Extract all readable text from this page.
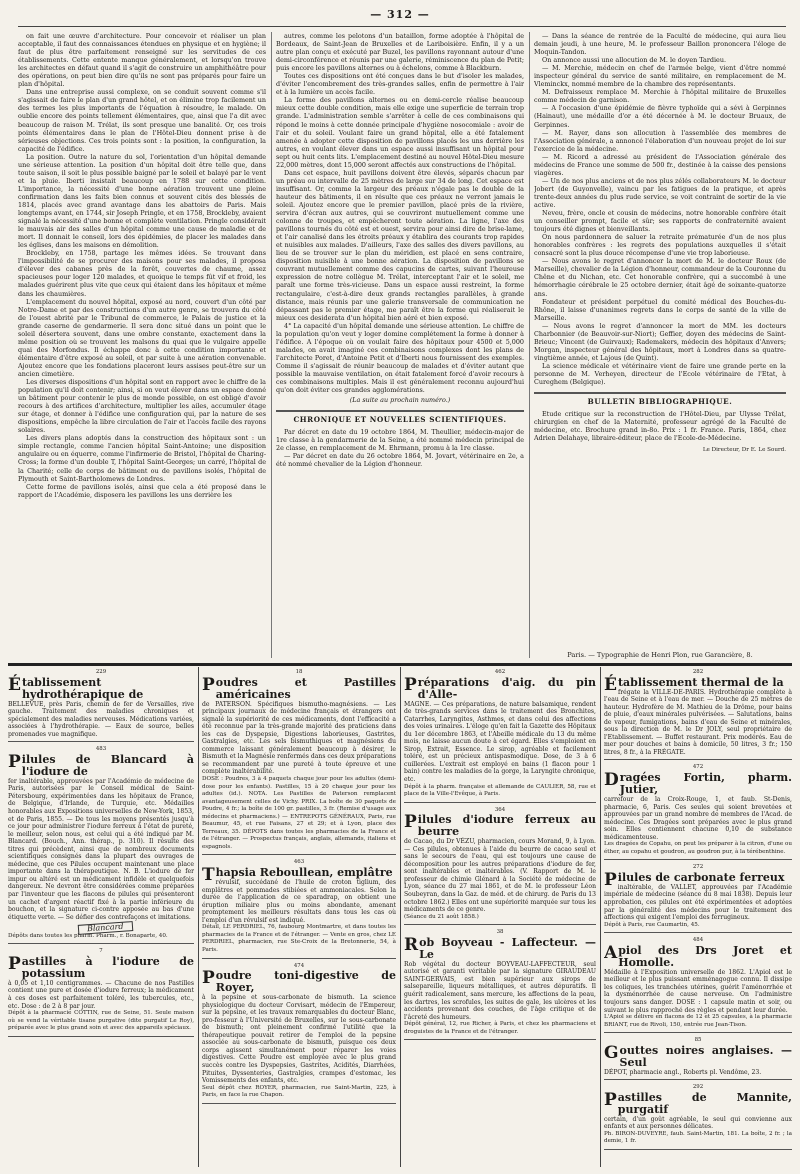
— 312 —

on fait une œuvre d'architecture. Pour concevoir et réaliser un plan acceptable, il faut des connaissances étendues en physique et en hygiène; il faut de plus être parfaitement renseigné sur les servitudes de ces établissements. Cette entente manque généralement, et lorsqu'on trouve les architectes en défaut quand il s'agit de construire un amphithéâtre pour des opérations, on peut bien dire qu'ils ne sont pas préparés pour faire un plan d'hôpital.

Dans une entreprise aussi complexe, on se conduit souvent comme s'il s'agissait de faire le plan d'un grand hôtel, et on élimine trop facilement un des termes les plus importants de l'équation à résoudre, le malade. On oublie encore des points tellement élémentaires, que, ainsi que l'a dit avec beaucoup de raison M. Trélat, ils sont presque une banalité. Or, ces trois points élémentaires dans le plan de l'Hôtel-Dieu donnent prise à de sérieuses objections. Ces trois points sont : la position, la configuration, la capacité de l'édifice.

La position. Outre la nature du sol, l'orientation d'un hôpital demande une sérieuse attention. La position d'un hôpital doit être telle que, dans toute saison, il soit le plus possible baigné par le soleil et balayé par le vent et la pluie. Iberti insistait beaucoup en 1788 sur cette condition. L'importance, la nécessité d'une bonne aération trouvent une pleine confirmation dans les faits bien connus et souvent cités des blessés de 1814, placés avec grand avantage dans les abattoirs de Paris. Mais longtemps avant, en 1744, sir Joseph Pringle, et en 1758, Brockleby, avaient signalé la nécessité d'une bonne et complète ventilation. Pringle considérait le mauvais air des salles d'un hôpital comme une cause de maladie et de mort. Il donnait le conseil, lors des épidémies, de placer les malades dans les églises, dans les maisons en démolition.

Brockleby, en 1758, partage les mêmes idées. Se trouvant dans l'impossibilité de se procurer des maisons pour ses malades, il proposa d'élever des cabanes près de la forêt, couvertes de chaume, assez spacieuses pour loger 120 malades, et quoique le temps fût vif et froid, les malades guérirent plus vite que ceux qui étaient dans les hôpitaux et même dans les chaumières.

L'emplacement du nouvel hôpital, exposé au nord, couvert d'un côté par Notre-Dame et par des constructions d'un autre genre, se trouvera du côté de l'ouest abrité par le Tribunal de commerce, le Palais de justice et la grande caserne de gendarmerie. Il sera donc situé dans un point que le soleil désertera souvent, dans une ombre constante, exactement dans la même position où se trouvent les malsons du quai que le vulgaire appelle quai des Morfondus. Il échappe donc à cette condition importante et élémentaire d'être exposé au soleil, et par suite à une aération convenable. Ajoutez encore que les fondations placeront leurs assises peut-être sur un ancien cimetière.

Les diverses dispositions d'un hôpital sont en rapport avec le chiffre de la population qu'il doit contenir; ainsi, si on veut élever dans un espace donné un bâtiment pour contenir le plus de monde possible, on est obligé d'avoir recours à des artifices d'architecture, multiplier les ailes, accumuler étage sur étage, et donner à l'édifice une configuration qui, par la nature de ses dispositions, empêche la libre circulation de l'air et l'accès facile des rayons solaires.

Les divers plans adoptés dans la construction des hôpitaux sont : un simple rectangle, comme l'ancien hôpital Saint-Antoine; une disposition angulaire ou en équerre, comme l'infirmerie de Bristol, l'hôpital de Charing-Cross; la forme d'un double T, l'hôpital Saint-Georges; un carré, l'hôpital de la Charité; celle de corps de bâtiment ou de pavillons isolés, l'hôpital de Plymouth et Saint-Bartholomews de Londres.

Cette forme de pavillons isolés, ainsi que cela a été proposé dans le rapport de l'Académie, disposera les pavillons les uns derrière les

autres, comme les pelotons d'un bataillon, forme adoptée à l'hôpital de Bordeaux, de Saint-Jean de Bruxelles et de Lariboisière. Enfin, il y a un autre plan conçu et exécuté par Buzel, les pavillons rayonnant autour d'une demi-circonférence et réunis par une galerie, réminiscence du plan de Petit; puis encore les pavillons alternes ou à échelons, comme à Blackburn.

Toutes ces dispositions ont été conçues dans le but d'isoler les malades, d'éviter l'encombrement des très-grandes salles, enfin de permettre à l'air et à la lumière un accès facile.

La forme des pavillons alternes ou en demi-cercle réalise beaucoup mieux cette double condition, mais elle exige une superficie de terrain trop grande. L'administration semble s'arrêter à celle de ces combinaisons qui répond le moins à cette donnée principale d'hygiène nosocomiale : avoir de l'air et du soleil. Voulant faire un grand hôpital, elle a été fatalement amenée à adopter cette disposition de pavillons placés les uns derrière les autres, en voulant élever dans un espace aussi insuffisant un hôpital pour sept ou huit cents lits. L'emplacement destiné au nouvel Hôtel-Dieu mesure 22,000 mètres, dont 15,000 seront affectés aux constructions de l'hôpital.

Dans cet espace, huit pavillons doivent être élevés, séparés chacun par un préau ou intervalle de 25 mètres de large sur 34 de long. Cet espace est insuffisant. Or, comme la largeur des préaux n'égale pas le double de la hauteur des bâtiments, il en résulte que ces préaux ne verront jamais le soleil. Ajoutez encore que le premier pavillon, placé près de la rivière, servira d'écran aux autres, qui se couvriront mutuellement comme une colonne de troupes, et empêcheront toute aération. La ligne, l'axe des pavillons tournés du côté est et ouest, servira pour ainsi dire de brise-lame, et l'air canalisé dans les étroits préaux y établira des courants trop rapides et nuisibles aux malades. D'ailleurs, l'axe des salles des divers pavillons, au lieu de se trouver sur le plan du méridien, est placé en sens contraire, disposition nuisible à une bonne aération. La disposition de pavillons se couvrant mutuellement comme des capucins de cartes, suivant l'heureuse expression de notre collègue M. Trélat, interceptant l'air et le soleil, me paraît une forme très-vicieuse. Dans un espace aussi restreint, la forme rectangulaire, c'est-à-dire deux grands rectangles parallèles, à grande distance, mais réunis par une galerie transversale de communication ne dépassant pas le premier étage, me paraît être la forme qui réaliserait le mieux ces desiderata d'un hôpital bien aéré et bien exposé.

4° La capacité d'un hôpital demande une sérieuse attention. Le chiffre de la population qu'on veut y loger domine complétement la forme à donner à l'édifice. A l'époque où on voulait faire des hôpitaux pour 4500 et 5,000 malades, on avait imaginé ces combinaisons complexes dont les plans de l'architecte Poret, d'Antoine Petit et d'Iberti nous fournissent des exemples. Comme il s'agissait de réunir beaucoup de malades et d'éviter autant que possible la mauvaise ventilation, on était fatalement forcé d'avoir recours à ces combinaisons multiples. Mais il est généralement reconnu aujourd'hui qu'on doit éviter ces grandes agglomérations.

(La suite au prochain numéro.)
CHRONIQUE ET NOUVELLES SCIENTIFIQUES.

Par décret en date du 19 octobre 1864, M. Theullier, médecin-major de 1re classe à la gendarmerie de la Seine, a été nommé médecin principal de 2e classe, en remplacement de M. Ehrmann, promu à la 1re classe.

— Par décret en date du 26 octobre 1864, M. Jovart, vétérinaire en 2e, a été nommé chevalier de la Légion d'honneur.

— Dans la séance de rentrée de la Faculté de médecine, qui aura lieu demain jeudi, à une heure, M. le professeur Baillon prononcera l'éloge de Moquin-Tandon.

On annonce aussi une allocution de M. le doyen Tardieu.

— M. Merchie, médecin en chef de l'armée belge, vient d'être nommé inspecteur général du service de santé militaire, en remplacement de M. Vleminckx, nommé membre de la chambre des représentants.

M. Defraisseux remplace M. Merchie à l'hôpital militaire de Bruxelles comme médecin de garnison.

— A l'occasion d'une épidémie de fièvre typhoïde qui a sévi à Gerpinnes (Hainaut), une médaille d'or a été décernée à M. le docteur Bruaux, de Gerpinnes.

— M. Rayer, dans son allocution à l'assemblée des membres de l'Association générale, a annoncé l'élaboration d'un nouveau projet de loi sur l'exercice de la médecine.

— M. Ricord a adressé au président de l'Association générale des médecins de France une somme de 500 fr., destinée à la caisse des pensions viagères.

— Un de nos plus anciens et de nos plus zélés collaborateurs M. le docteur Jobert (de Guyonvelle), vaincu par les fatigues de la pratique, et après trente-deux années du plus rude service, se voit contraint de sortir de la vie active.

Neveu, frère, oncle et cousin de médecins, notre honorable confrère était un conseiller prompt, facile et sûr; ses rapports de confraternité avaient toujours été dignes et bienveillants.

On nous pardonnera de saluer la retraite prématurée d'un de nos plus honorables confrères : les regrets des populations auxquelles il s'était consacré sont la plus douce récompense d'une vie trop laborieuse.

— Nous avons le regret d'annoncer la mort de M. le docteur Roux (de Marseille), chevalier de la Légion d'honneur, commandeur de la Couronne du Chêne et du Nichan, etc. Cet honorable confrère, qui a succombé à une hémorrhagie cérébrale le 25 octobre dernier, était âgé de soixante-quatorze ans.

Fondateur et président perpétuel du comité médical des Bouches-du-Rhône, il laisse d'unanimes regrets dans le corps de santé de la ville de Marseille.

— Nous avons le regret d'annoncer la mort de MM. les docteurs Charbonnier (de Beauvoir-sur-Niort); Geffier, doyen des médecins de Saint-Brieuc; Vincent (de Guirvaux); Rademakers, médecin des hôpitaux d'Anvers; Morgan, inspecteur général des hôpitaux, mort à Londres dans sa quatre-vingtième année, et Lajous (de Quint).

La science médicale et vétérinaire vient de faire une grande perte en la personne de M. Verheyen, directeur de l'Ecole vétérinaire de l'Etat, à Cureghem (Belgique).

BULLETIN BIBLIOGRAPHIQUE.

Etude critique sur la reconstruction de l'Hôtel-Dieu, par Ulysse Trélat, chirurgien en chef de la Maternité, professeur agrégé de la Faculté de médecine, etc. Brochure grand in-8o. Prix : 1 fr. France. Paris, 1864, chez Adrien Delahaye, libraire-éditeur, place de l'Ecole-de-Médecine.

Le Directeur, Dr E. Le Sourd.
Paris. — Typographie de Henri Plon, rue Garancière, 8.
229
Établissement hydrothérapique de
BELLEVUE, près Paris, chemin de fer de Versailles, rive gauche. Traitement des maladies chroniques et spécialement des maladies nerveuses. Médications variées, associées à l'hydrothérapie. — Eaux de source, belles promenades vue magnifique.
483
Pilules de Blancard à l'iodure de
fer inaltérable, approuvées par l'Académie de médecine de Paris, autorisées par le Conseil médical de Saint-Pétersbourg, expérimentées dans les hôpitaux de France, de Belgique, d'Irlande, de Turquie, etc. Médailles honorables aux Expositions universelles de New-York, 1853, et de Paris, 1855. — De tous les moyens présentés jusqu'à ce jour pour administrer l'iodure ferreux à l'état de pureté, le meilleur, selon nous, est celui qui a été indiqué par M. Blancard. (Bouch., Ann. thérap., p. 310). Il résulte des titres qui précèdent, ainsi que de nombreux documents scientifiques consignés dans la plupart des ouvrages de médecine, que ces Pilules occupent maintenant une place importante dans la thérapeutique. N. B. L'iodure de fer impur ou altéré est un médicament infidèle et quelquefois dangereux. Ne devront être considérées comme préparées par l'inventeur que les flacons de pilules qui présenteront un cachet d'argent réactif fixé à la partie inférieure du bouchon, et la signature ci-contre apposée au bas d'une étiquette verte. — Se défier des contrefaçons et imitations.
Blancard
Dépôts dans toutes les pharm. Pharm., r. Bonaparte, 40.
7
Pastilles à l'iodure de potassium
à 0,05 et 1,10 centigrammes. — Chacune de nos Pastilles contient une pure et dosée d'iodure ferreux; la médicament à ces doses est parfaitement toléré, les tubercules, etc., etc. Dose : de 2 à 8 par jour.
Dépôt à la pharmacie COTTIN, rue de Seine, 51. Seule maison où se vend la véritable tisane purgative (dite purgatif Le Roy), préparée avec le plus grand soin et avec des appareils spéciaux.
18
Poudres et Pastilles américaines
de PATERSON. Spécifiques bismutho-magnésiens. — Les principaux journaux de médecine français et étrangers ont signalé la supériorité de ces médicaments, dont l'efficacité a été reconnue par la très-grande majorité des praticiens dans les cas de Dyspepsie, Digestions laborieuses, Gastrites, Gastralgies, etc. Les sels bismuthiques et magnésiens du commerce laissant généralement beaucoup à désirer, le Bismuth et la Magnésie renfermés dans ces deux préparations se recommandent par une pureté à toute épreuve et une complète inaltérabilité.
DOSE : Poudres, 3 à 4 paquets chaque jour pour les adultes (demi-dose pour les enfants). Pastilles, 15 à 20 chaque jour pour les adultes (id.). NOTA. Les Pastilles de Paterson remplacent avantageusement celles de Vichy. PRIX. La boîte de 30 paquets de Poudre, 4 fr.; la boîte de 100 gr. pastilles, 3 fr. (Remise d'usage aux médecins et pharmaciens.) — ENTREPOTS GÉNÉRAUX, Paris, rue Beaumur, 45, et rue Faisans, 27 et 29; et à Lyon, place des Terreaux, 35. DÉPOTS dans toutes les pharmacies de la France et de l'étranger. — Prospectus français, anglais, allemands, italiens et espagnols.
463
Thapsia Reboullean, emplâtre
révulsif, succédané de l'huile de croton tiglium, des emplâtres et pommades stibiées et ammoniacales. Selon la durée de l'application de ce sparadrap, on obtient une éruption miliaire plus ou moins abondante, amenant promptement les meilleurs résultats dans tous les cas où l'emploi d'un révulsif est indiqué.
Détail, LE PERDRIEL, 76, faubourg Montmartre, et dans toutes les pharmacies de la France et de l'étranger. — Vente en gros, chez LE PERDRIEL, pharmacien, rue Ste-Croix de la Bretonnerie, 54, à Paris.
474
Poudre toni-digestive de Royer,
à la pepsine et sous-carbonate de bismuth. La science physiologique du docteur Corvisart, médecin de l'Empereur, sur la pepsine, et les travaux remarquables du docteur Blanc, pro-fesseur à l'Université de Bruxelles, sur le sous-carbonate de bismuth; ont pleinement confirmé l'utilité que la thérapeutique pouvait retirer de l'emploi de la pepsine associée au sous-carbonate de bismuth, puisque ces deux corps agissent simultanément pour réparer les voies digestives. Cette Poudre est employée avec le plus grand succès contre les Dyspepsies, Gastrites, Acidités, Diarrhées, Pituites, Dyssenteries, Gastralgies, crampes d'estomac, les Vomissements des enfants, etc.
Seul dépôt chez ROYER, pharmacien, rue Saint-Martin, 225, à Paris, en face la rue Chapon.
462
Préparations d'aig. du pin d'Alle-
MAGNE. — Ces préparations, de nature balsamique, rendent de très-grands services dans le traitement des Bronchites, Catarrhes, Laryngites, Asthmes, et dans celui des affections des voies urinaires. L'éloge qu'en fait la Gazette des Hôpitaux du 1er décembre 1863, et l'Abeille médicale du 13 du même mois, ne laisse aucun doute à cet égard. Elles s'emploient en Sirop, Extrait, Essence. Le sirop, agréable et facilement toléré, est un précieux antispasmodique. Dose, de 3 à 6 cuillerées. L'extrait est employé en bains (1 flacon pour 1 bain) contre les maladies de la gorge, la Laryngite chronique, etc.
Dépôt à la pharm. française et allemande de CAULIER, 58, rue et place de la Ville-l'Evêque, à Paris.
364
Pilules d'iodure ferreux au beurre
de Cacao, du Dr VÉZU, pharmacien, cours Morand, 9, à Lyon. — Ces pilules, obtenues à l'aide du beurre de cacao seul et sans le secours de l'eau, qui est toujours une cause de décomposition pour les autres préparations d'iodure de fer, sont inaltérables et inaltérables. (V. Rapport de M. le professeur de chimie Glénard à la Société de médecine de Lyon, séance du 27 mai 1861, et de M. le professeur Léon Soubeyran, dans la Gaz. de méd. et de chirurg. de Paris du 13 octobre 1862.) Elles ont une supériorité marquée sur tous les médicaments de ce genre.
(Séance du 21 août 1858.)
38
Rob Boyveau - Laffecteur. — Le
Rob végétal du docteur BOYVEAU-LAFFECTEUR, seul autorisé et garanti véritable par la signature GIRAUDEAU SAINT-GERVAIS, est bien supérieur aux sirops de salsepareille, liqueurs métalliques, et autres dépuratifs. Il guérit radicalement, sans mercure, les affections de la peau, les dartres, les scrofules, les suites de gale, les ulcères et les accidents provenant des couches, de l'âge critique et de l'âcreté des humeurs.
Dépôt général, 12, rue Richer, à Paris, et chez les pharmaciens et droguistes de la France et de l'étranger.
282
Établissement thermal de la
frégate la VILLE-DE-PARIS. Hydrothérapie complète à l'eau de Seine et à l'eau de mer. — Douche de 25 mètres de hauteur. Hydrofère de M. Mathieu de la Drôme, pour bains de pluie, d'eaux minérales pulvérisées. — Salutations, bains de vapeur, fumigations, bains d'eau de Seine et minérales, sous la direction de M. le Dr JOLY, seul propriétaire de l'Etablissement. — Buffet restaurant. Prix modérés. Eau de mer pour douches et bains à domicile, 50 litres, 3 fr.; 150 litres, 8 fr., à la FRÉGATE.
472
Dragées Fortin, pharm. Jutier,
carrefour de la Croix-Rouge, 1, et faub. St-Denis, pharmacie, 6, Paris. Ces seules qui soient brevetées et approuvées par un grand nombre de membres de l'Acad. de médecine. Ces Dragées sont préparées avec le plus grand soin. Elles contiennent chacune 0,10 de substance médicamenteuse.
Les dragées de Copahu, on peut les préparer à la citron, d'une ou éther, au copahu et goudron, au goudron pur, à la térébenthine.
272
Pilules de carbonate ferreux
inaltérable, de VALLET, approuvées par l'Académie impériale de médecine (séance du 8 mai 1838). Depuis leur approbation, ces pilules ont été expérimentées et adoptées par la généralité des médecins pour le traitement des affections qui exigent l'emploi des ferrugineux.
Dépôt à Paris, rue Caumartin, 45.
484
Apiol des Drs Joret et Homolle.
Médaille à l'Exposition universelle de 1862. L'Apiol est le meilleur et le plus puissant emménagogue connu. Il dissipe les coliques, les tranchées utérines, guérit l'aménorrhée et la dysménorrhée de cause nerveuse. On l'administre toujours sans danger. DOSE : 1 capsule matin et soir, ou suivant le plus rapproché des règles et pendant leur durée.
L'Apiol se délivre en flacons de 12 et 25 capsules, à la pharmacie BRIANT, rue de Rivoli, 150, entrée rue Jean-Tison.
85
Gouttes noires anglaises. — Seul
DÉPOT, pharmacie angl., Roberts pl. Vendôme, 23.
292
Pastilles de Mannite, purgatif
certain, d'un goût agréable, le seul qui convienne aux enfants et aux personnes délicates.
Ph. BIRON-DUVEYRE, faub. Saint-Martin, 181. La boîte, 2 fr. ; la demie, 1 fr.
